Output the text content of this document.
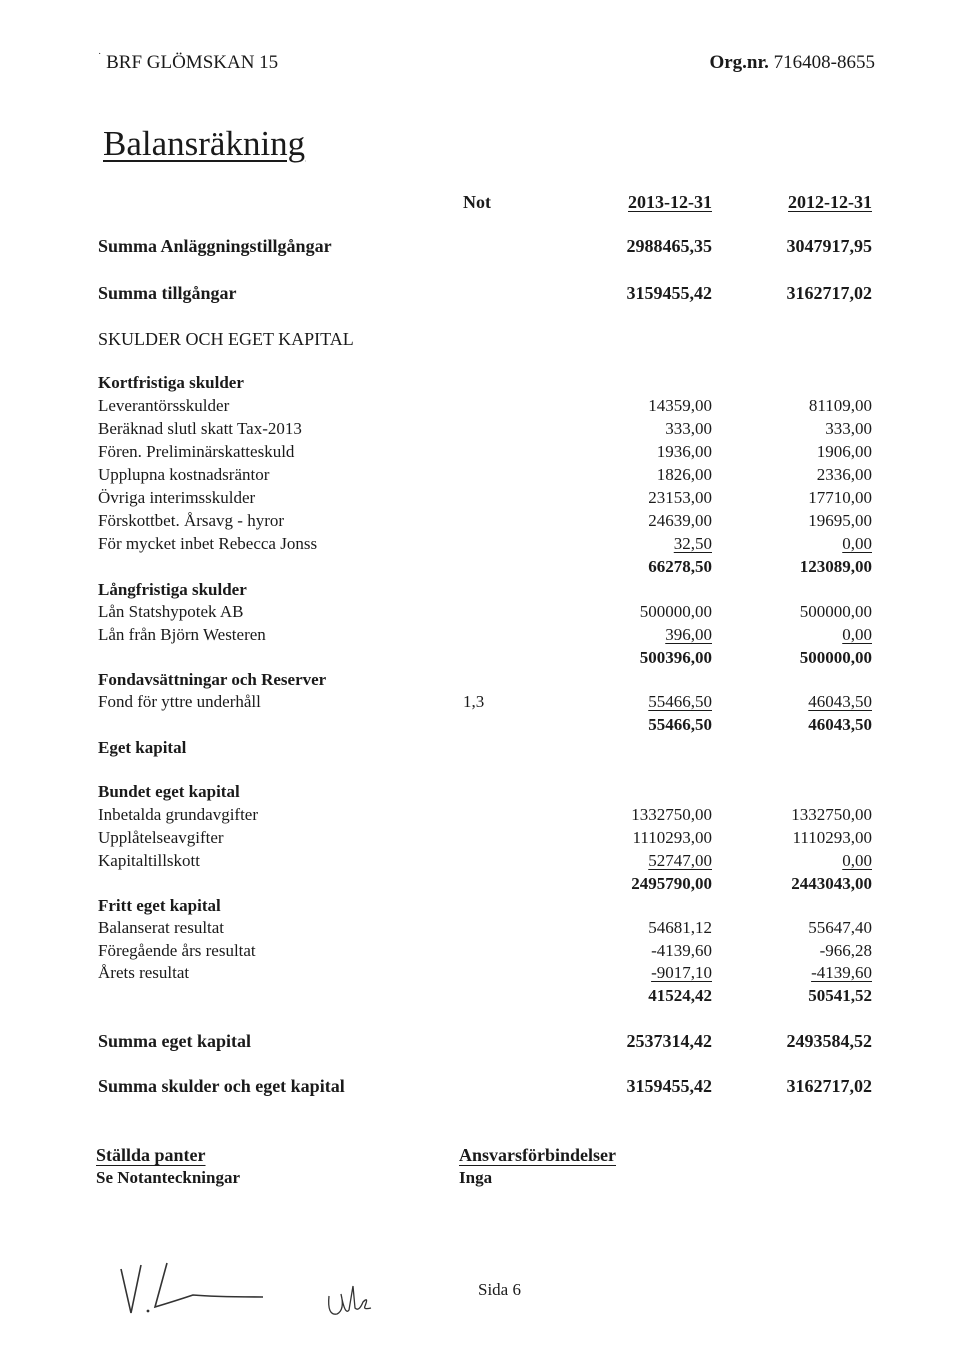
˙ BRF GLÖMSKAN 15	Org.nr. 716408-8655
Balansräkning
Not	2013-12-31	2012-12-31
Summa Anläggningstillgångar	2988465,35	3047917,95
Summa tillgångar	3159455,42	3162717,02
SKULDER OCH EGET KAPITAL
Kortfristiga skulder
Leverantörsskulder	14359,00	81109,00
Beräknad slutl skatt Tax-2013	333,00	333,00
Fören. Preliminärskatteskuld	1936,00	1906,00
Upplupna kostnadsräntor	1826,00	2336,00
Övriga interimsskulder	23153,00	17710,00
Förskottbet. Årsavg - hyror	24639,00	19695,00
För mycket inbet Rebecca Jonss	32,50	0,00
66278,50	123089,00
Långfristiga skulder
Lån Statshypotek AB	500000,00	500000,00
Lån från Björn Westeren	396,00	0,00
500396,00	500000,00
Fondavsättningar och Reserver
Fond för yttre underhåll	1,3	55466,50	46043,50
55466,50	46043,50
Eget kapital
Bundet eget kapital
Inbetalda grundavgifter	1332750,00	1332750,00
Upplåtelseavgifter	1110293,00	1110293,00
Kapitaltillskott	52747,00	0,00
2495790,00	2443043,00
Fritt eget kapital
Balanserat resultat	54681,12	55647,40
Föregående års resultat	-4139,60	-966,28
Årets resultat	-9017,10	-4139,60
41524,42	50541,52
Summa eget kapital	2537314,42	2493584,52
Summa skulder och eget kapital	3159455,42	3162717,02
Ställda panter
Se Notanteckningar
Ansvarsförbindelser
Inga
Sida 6
